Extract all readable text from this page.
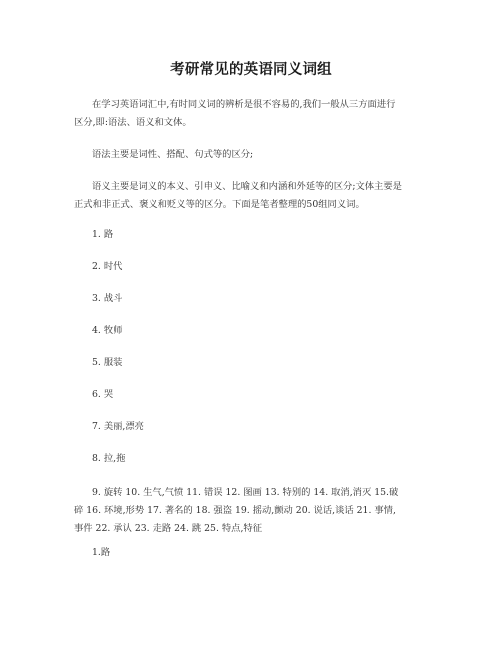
考研常见的英语同义词组
在学习英语词汇中,有时同义词的辨析是很不容易的,我们一般从三方面进行
区分,即:语法、语义和文体。
语法主要是词性、搭配、句式等的区分;
语义主要是词义的本义、引申义、比喻义和内涵和外延等的区分;文体主要是
正式和非正式、褒义和贬义等的区分。下面是笔者整理的50组同义词。
1. 路
2. 时代
3. 战斗
4. 牧师
5. 服装
6. 哭
7. 美丽,漂亮
8. 拉,拖
9. 旋转 10. 生气,气愤 11. 错误 12. 图画 13. 特别的 14. 取消,消灭 15.破
碎 16. 环境,形势 17. 著名的 18. 强盗 19. 摇动,颤动 20. 说话,谈话 21. 事情,
事件 22. 承认 23. 走路 24. 跳 25. 特点,特征
1.路
